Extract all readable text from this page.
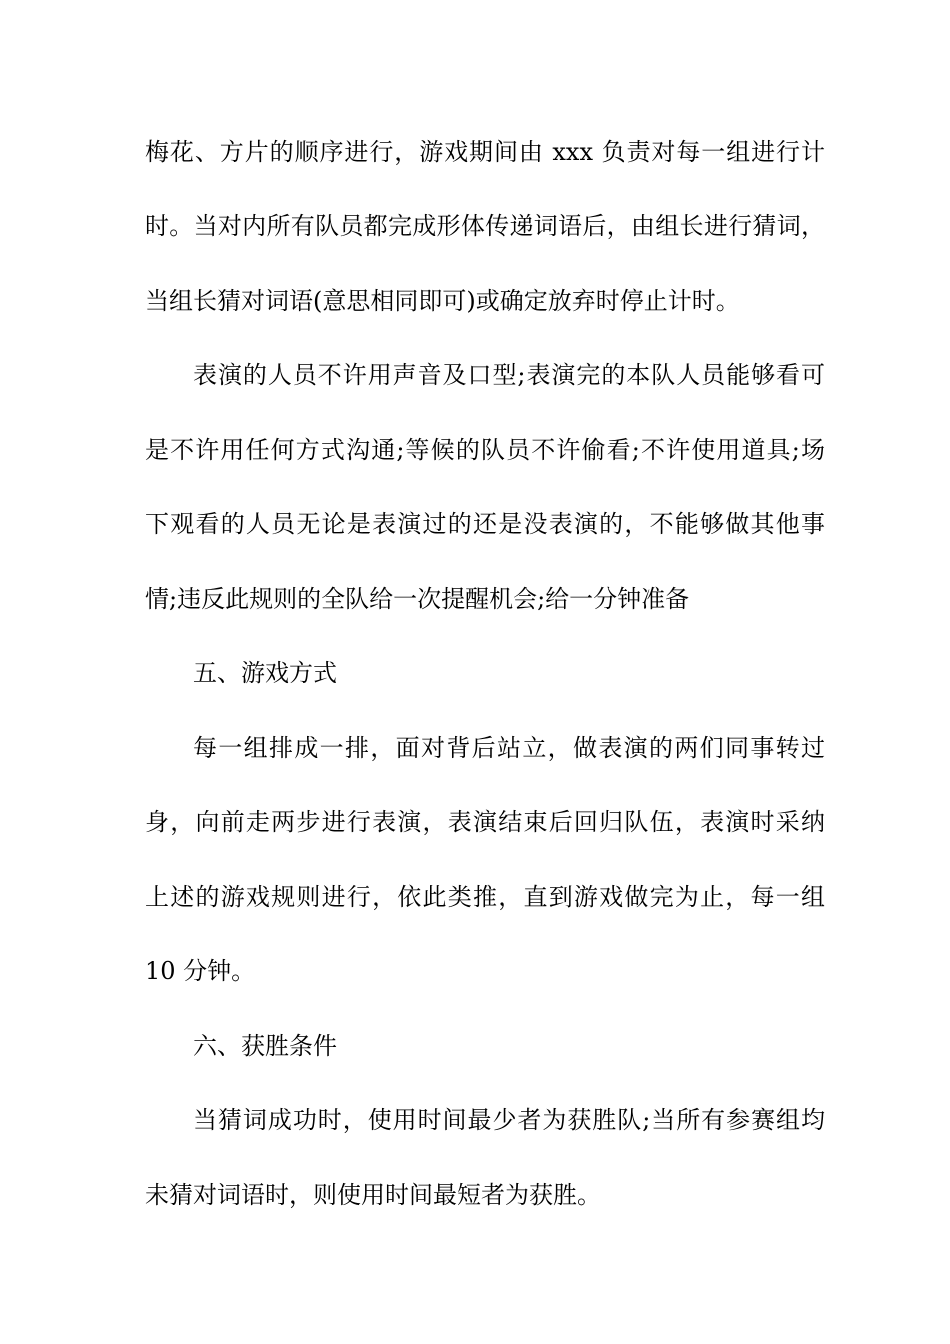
梅花、方片的顺序进行，游戏期间由 xxx 负责对每一组进行计
时。当对内所有队员都完成形体传递词语后，由组长进行猜词，
当组长猜对词语(意思相同即可)或确定放弃时停止计时。
表演的人员不许用声音及口型;表演完的本队人员能够看可
是不许用任何方式沟通;等候的队员不许偷看;不许使用道具;场
下观看的人员无论是表演过的还是没表演的，不能够做其他事
情;违反此规则的全队给一次提醒机会;给一分钟准备
五、游戏方式
每一组排成一排，面对背后站立，做表演的两们同事转过
身，向前走两步进行表演，表演结束后回归队伍，表演时采纳
上述的游戏规则进行，依此类推，直到游戏做完为止，每一组
10 分钟。
六、获胜条件
当猜词成功时，使用时间最少者为获胜队;当所有参赛组均
未猜对词语时，则使用时间最短者为获胜。
